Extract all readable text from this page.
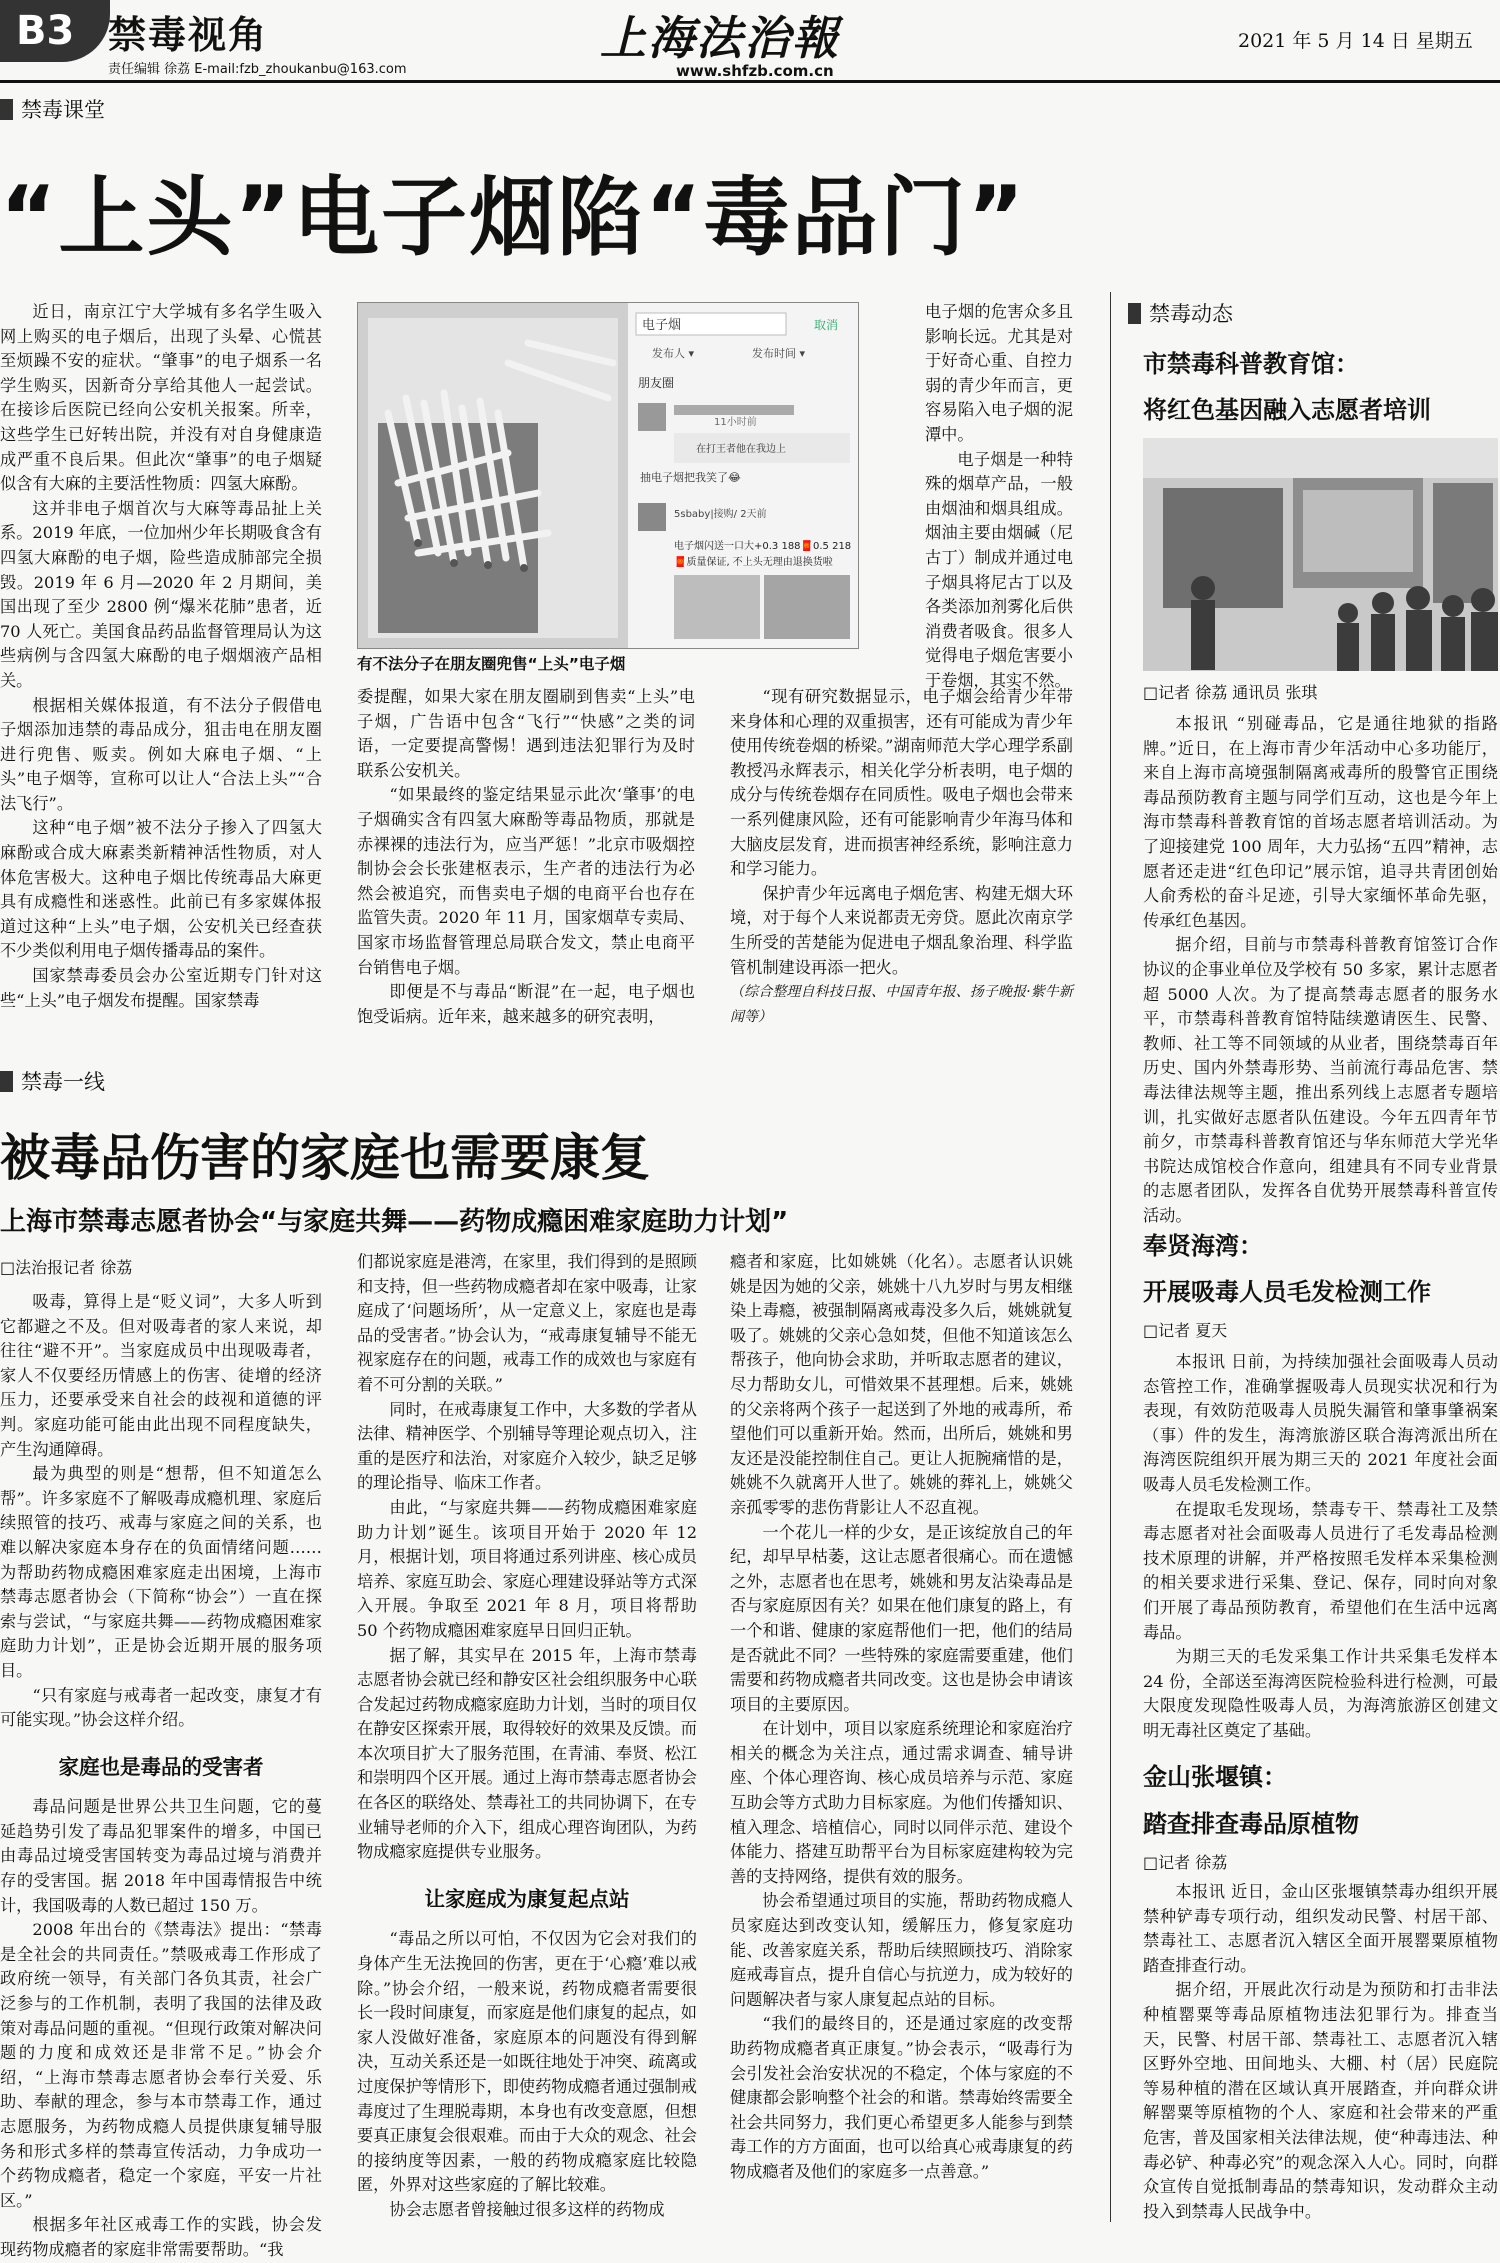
B3 禁毒视角
责任编辑 徐荔 E-mail:fzb_zhoukanbu@163.com
上海法治報
www.shfzb.com.cn
2021 年 5 月 14 日 星期五
禁毒课堂
“上头”电子烟陷“毒品门”

近日，南京江宁大学城有多名学生吸入网上购买的电子烟后，出现了头晕、心慌甚至烦躁不安的症状。“肇事”的电子烟系一名学生购买，因新奇分享给其他人一起尝试。在接诊后医院已经向公安机关报案。所幸，这些学生已好转出院，并没有对自身健康造成严重不良后果。但此次“肇事”的电子烟疑似含有大麻的主要活性物质：四氢大麻酚。

这并非电子烟首次与大麻等毒品扯上关系。2019 年底，一位加州少年长期吸食含有四氢大麻酚的电子烟，险些造成肺部完全损毁。2019 年 6 月—2020 年 2 月期间，美国出现了至少 2800 例“爆米花肺”患者，近 70 人死亡。美国食品药品监督管理局认为这些病例与含四氢大麻酚的电子烟烟液产品相关。

根据相关媒体报道，有不法分子假借电子烟添加违禁的毒品成分，狙击电在朋友圈进行兜售、贩卖。例如大麻电子烟、“上头”电子烟等，宣称可以让人“合法上头”“合法飞行”。

这种“电子烟”被不法分子掺入了四氢大麻酚或合成大麻素类新精神活性物质，对人体危害极大。这种电子烟比传统毒品大麻更具有成瘾性和迷惑性。此前已有多家媒体报道过这种“上头”电子烟，公安机关已经查获不少类似利用电子烟传播毒品的案件。

国家禁毒委员会办公室近期专门针对这些“上头”电子烟发布提醒。国家禁毒

电子烟	取消
发布人 ▾	发布时间 ▾
朋友圈
11小时前
在打王者他在我边上
抽电子烟把我笑了😂
5sbaby|接购/ 2天前
电子烟闪送一口大+0.3 188🧧0.5 218
🧧质量保证, 不上头无理由退换货啦
有不法分子在朋友圈兜售“上头”电子烟

委提醒，如果大家在朋友圈刷到售卖“上头”电子烟，广告语中包含“飞行”“快感”之类的词语，一定要提高警惕！遇到违法犯罪行为及时联系公安机关。

“如果最终的鉴定结果显示此次‘肇事’的电子烟确实含有四氢大麻酚等毒品物质，那就是赤裸裸的违法行为，应当严惩！”北京市吸烟控制协会会长张建枢表示，生产者的违法行为必然会被追究，而售卖电子烟的电商平台也存在监管失责。2020 年 11 月，国家烟草专卖局、国家市场监督管理总局联合发文，禁止电商平台销售电子烟。

即便是不与毒品“断混”在一起，电子烟也饱受诟病。近年来，越来越多的研究表明，

电子烟的危害众多且影响长远。尤其是对于好奇心重、自控力弱的青少年而言，更容易陷入电子烟的泥潭中。

电子烟是一种特殊的烟草产品，一般由烟油和烟具组成。烟油主要由烟碱（尼古丁）制成并通过电子烟具将尼古丁以及各类添加剂雾化后供消费者吸食。很多人觉得电子烟危害要小于卷烟，其实不然。

“现有研究数据显示，电子烟会给青少年带来身体和心理的双重损害，还有可能成为青少年使用传统卷烟的桥梁。”湖南师范大学心理学系副教授冯永辉表示，相关化学分析表明，电子烟的成分与传统卷烟存在同质性。吸电子烟也会带来一系列健康风险，还有可能影响青少年海马体和大脑皮层发育，进而损害神经系统，影响注意力和学习能力。

保护青少年远离电子烟危害、构建无烟大环境，对于每个人来说都责无旁贷。愿此次南京学生所受的苦楚能为促进电子烟乱象治理、科学监管机制建设再添一把火。

（综合整理自科技日报、中国青年报、扬子晚报·紫牛新闻等）

禁毒一线
被毒品伤害的家庭也需要康复
上海市禁毒志愿者协会“与家庭共舞——药物成瘾困难家庭助力计划”
□法治报记者 徐荔

吸毒，算得上是“贬义词”，大多人听到它都避之不及。但对吸毒者的家人来说，却往往“避不开”。当家庭成员中出现吸毒者，家人不仅要经历情感上的伤害、徒增的经济压力，还要承受来自社会的歧视和道德的评判。家庭功能可能由此出现不同程度缺失，产生沟通障碍。

最为典型的则是“想帮，但不知道怎么帮”。许多家庭不了解吸毒成瘾机理、家庭后续照管的技巧、戒毒与家庭之间的关系，也难以解决家庭本身存在的负面情绪问题……为帮助药物成瘾困难家庭走出困境，上海市禁毒志愿者协会（下简称“协会”）一直在探索与尝试，“与家庭共舞——药物成瘾困难家庭助力计划”，正是协会近期开展的服务项目。

“只有家庭与戒毒者一起改变，康复才有可能实现。”协会这样介绍。

家庭也是毒品的受害者

毒品问题是世界公共卫生问题，它的蔓延趋势引发了毒品犯罪案件的增多，中国已由毒品过境受害国转变为毒品过境与消费并存的受害国。据 2018 年中国毒情报告中统计，我国吸毒的人数已超过 150 万。

2008 年出台的《禁毒法》提出：“禁毒是全社会的共同责任。”禁吸戒毒工作形成了政府统一领导，有关部门各负其责，社会广泛参与的工作机制，表明了我国的法律及政策对毒品问题的重视。“但现行政策对解决问题的力度和成效还是非常不足。”协会介绍，“上海市禁毒志愿者协会奉行关爱、乐助、奉献的理念，参与本市禁毒工作，通过志愿服务，为药物成瘾人员提供康复辅导服务和形式多样的禁毒宣传活动，力争成功一个药物成瘾者，稳定一个家庭，平安一片社区。”

根据多年社区戒毒工作的实践，协会发现药物成瘾者的家庭非常需要帮助。“我

们都说家庭是港湾，在家里，我们得到的是照顾和支持，但一些药物成瘾者却在家中吸毒，让家庭成了‘问题场所’，从一定意义上，家庭也是毒品的受害者。”协会认为，“戒毒康复辅导不能无视家庭存在的问题，戒毒工作的成效也与家庭有着不可分割的关联。”

同时，在戒毒康复工作中，大多数的学者从法律、精神医学、个别辅导等理论观点切入，注重的是医疗和法治，对家庭介入较少，缺乏足够的理论指导、临床工作者。

由此，“与家庭共舞——药物成瘾困难家庭助力计划”诞生。该项目开始于 2020 年 12 月，根据计划，项目将通过系列讲座、核心成员培养、家庭互助会、家庭心理建设驿站等方式深入开展。争取至 2021 年 8 月，项目将帮助 50 个药物成瘾困难家庭早日回归正轨。

据了解，其实早在 2015 年，上海市禁毒志愿者协会就已经和静安区社会组织服务中心联合发起过药物成瘾家庭助力计划，当时的项目仅在静安区探索开展，取得较好的效果及反馈。而本次项目扩大了服务范围，在青浦、奉贤、松江和崇明四个区开展。通过上海市禁毒志愿者协会在各区的联络处、禁毒社工的共同协调下，在专业辅导老师的介入下，组成心理咨询团队，为药物成瘾家庭提供专业服务。

让家庭成为康复起点站

“毒品之所以可怕，不仅因为它会对我们的身体产生无法挽回的伤害，更在于‘心瘾’难以戒除。”协会介绍，一般来说，药物成瘾者需要很长一段时间康复，而家庭是他们康复的起点，如家人没做好准备，家庭原本的问题没有得到解决，互动关系还是一如既往地处于冲突、疏离或过度保护等情形下，即使药物成瘾者通过强制戒毒度过了生理脱毒期，本身也有改变意愿，但想要真正康复会很艰难。而由于大众的观念、社会的接纳度等因素，一般的药物成瘾家庭比较隐匿，外界对这些家庭的了解比较难。

协会志愿者曾接触过很多这样的药物成

瘾者和家庭，比如姚姚（化名）。志愿者认识姚姚是因为她的父亲，姚姚十八九岁时与男友相继染上毒瘾，被强制隔离戒毒没多久后，姚姚就复吸了。姚姚的父亲心急如焚，但他不知道该怎么帮孩子，他向协会求助，并听取志愿者的建议，尽力帮助女儿，可惜效果不甚理想。后来，姚姚的父亲将两个孩子一起送到了外地的戒毒所，希望他们可以重新开始。然而，出所后，姚姚和男友还是没能控制住自己。更让人扼腕痛惜的是，姚姚不久就离开人世了。姚姚的葬礼上，姚姚父亲孤零零的悲伤背影让人不忍直视。

一个花儿一样的少女，是正该绽放自己的年纪，却早早枯萎，这让志愿者很痛心。而在遗憾之外，志愿者也在思考，姚姚和男友沾染毒品是否与家庭原因有关？如果在他们康复的路上，有一个和谐、健康的家庭帮他们一把，他们的结局是否就此不同？一些特殊的家庭需要重建，他们需要和药物成瘾者共同改变。这也是协会申请该项目的主要原因。

在计划中，项目以家庭系统理论和家庭治疗相关的概念为关注点，通过需求调查、辅导讲座、个体心理咨询、核心成员培养与示范、家庭互助会等方式助力目标家庭。为他们传播知识、植入理念、培植信心，同时以同伴示范、建设个体能力、搭建互助帮平台为目标家庭建构较为完善的支持网络，提供有效的服务。

协会希望通过项目的实施，帮助药物成瘾人员家庭达到改变认知，缓解压力，修复家庭功能、改善家庭关系，帮助后续照顾技巧、消除家庭戒毒盲点，提升自信心与抗逆力，成为较好的问题解决者与家人康复起点站的目标。

“我们的最终目的，还是通过家庭的改变帮助药物成瘾者真正康复。”协会表示，“吸毒行为会引发社会治安状况的不稳定，个体与家庭的不健康都会影响整个社会的和谐。禁毒始终需要全社会共同努力，我们更心希望更多人能参与到禁毒工作的方方面面，也可以给真心戒毒康复的药物成瘾者及他们的家庭多一点善意。”

禁毒动态
市禁毒科普教育馆：
将红色基因融入志愿者培训
□记者 徐荔 通讯员 张琪

本报讯 “别碰毒品，它是通往地狱的指路牌。”近日，在上海市青少年活动中心多功能厅，来自上海市高境强制隔离戒毒所的殷警官正围绕毒品预防教育主题与同学们互动，这也是今年上海市禁毒科普教育馆的首场志愿者培训活动。为了迎接建党 100 周年，大力弘扬“五四”精神，志愿者还走进“红色印记”展示馆，追寻共青团创始人俞秀松的奋斗足迹，引导大家缅怀革命先驱，传承红色基因。

据介绍，目前与市禁毒科普教育馆签订合作协议的企事业单位及学校有 50 多家，累计志愿者超 5000 人次。为了提高禁毒志愿者的服务水平，市禁毒科普教育馆特陆续邀请医生、民警、教师、社工等不同领域的从业者，围绕禁毒百年历史、国内外禁毒形势、当前流行毒品危害、禁毒法律法规等主题，推出系列线上志愿者专题培训，扎实做好志愿者队伍建设。今年五四青年节前夕，市禁毒科普教育馆还与华东师范大学光华书院达成馆校合作意向，组建具有不同专业背景的志愿者团队，发挥各自优势开展禁毒科普宣传活动。

奉贤海湾：
开展吸毒人员毛发检测工作
□记者 夏天

本报讯 日前，为持续加强社会面吸毒人员动态管控工作，准确掌握吸毒人员现实状况和行为表现，有效防范吸毒人员脱失漏管和肇事肇祸案（事）件的发生，海湾旅游区联合海湾派出所在海湾医院组织开展为期三天的 2021 年度社会面吸毒人员毛发检测工作。

在提取毛发现场，禁毒专干、禁毒社工及禁毒志愿者对社会面吸毒人员进行了毛发毒品检测技术原理的讲解，并严格按照毛发样本采集检测的相关要求进行采集、登记、保存，同时向对象们开展了毒品预防教育，希望他们在生活中远离毒品。

为期三天的毛发采集工作计共采集毛发样本 24 份，全部送至海湾医院检验科进行检测，可最大限度发现隐性吸毒人员，为海湾旅游区创建文明无毒社区奠定了基础。

金山张堰镇：
踏查排查毒品原植物
□记者 徐荔

本报讯 近日，金山区张堰镇禁毒办组织开展禁种铲毒专项行动，组织发动民警、村居干部、禁毒社工、志愿者沉入辖区全面开展罂粟原植物踏查排查行动。

据介绍，开展此次行动是为预防和打击非法种植罂粟等毒品原植物违法犯罪行为。排查当天，民警、村居干部、禁毒社工、志愿者沉入辖区野外空地、田间地头、大棚、村（居）民庭院等易种植的潜在区域认真开展踏查，并向群众讲解罂粟等原植物的个人、家庭和社会带来的严重危害，普及国家相关法律法规，使“种毒违法、种毒必铲、种毒必究”的观念深入人心。同时，向群众宣传自觉抵制毒品的禁毒知识，发动群众主动投入到禁毒人民战争中。
